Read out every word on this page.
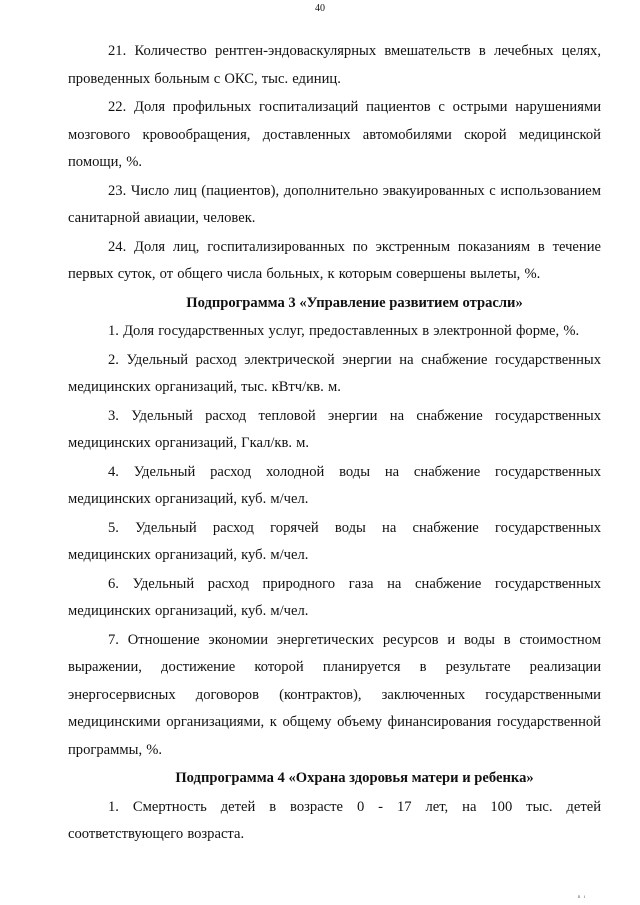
40

21. Количество рентген-эндоваскулярных вмешательств в лечебных целях, проведенных больным с ОКС, тыс. единиц.

22. Доля профильных госпитализаций пациентов с острыми нарушениями мозгового кровообращения, доставленных автомобилями скорой медицинской помощи, %.

23. Число лиц (пациентов), дополнительно эвакуированных с использованием санитарной авиации, человек.

24. Доля лиц, госпитализированных по экстренным показаниям в течение первых суток, от общего числа больных, к которым совершены вылеты, %.

Подпрограмма 3 «Управление развитием отрасли»

1. Доля государственных услуг, предоставленных в электронной форме, %.

2. Удельный расход электрической энергии на снабжение государственных медицинских организаций, тыс. кВтч/кв. м.

3. Удельный расход тепловой энергии на снабжение государственных медицинских организаций, Гкал/кв. м.

4. Удельный расход холодной воды на снабжение государственных медицинских организаций, куб. м/чел.

5. Удельный расход горячей воды на снабжение государственных медицинских организаций, куб. м/чел.

6. Удельный расход природного газа на снабжение государственных медицинских организаций, куб. м/чел.

7. Отношение экономии энергетических ресурсов и воды в стоимостном выражении, достижение которой планируется в результате реализации энергосервисных договоров (контрактов), заключенных государственными медицинскими организациями, к общему объему финансирования государственной программы, %.

Подпрограмма 4 «Охрана здоровья матери и ребенка»

1. Смертность детей в возрасте 0 - 17 лет, на 100 тыс. детей соответствующего возраста.

n ı
